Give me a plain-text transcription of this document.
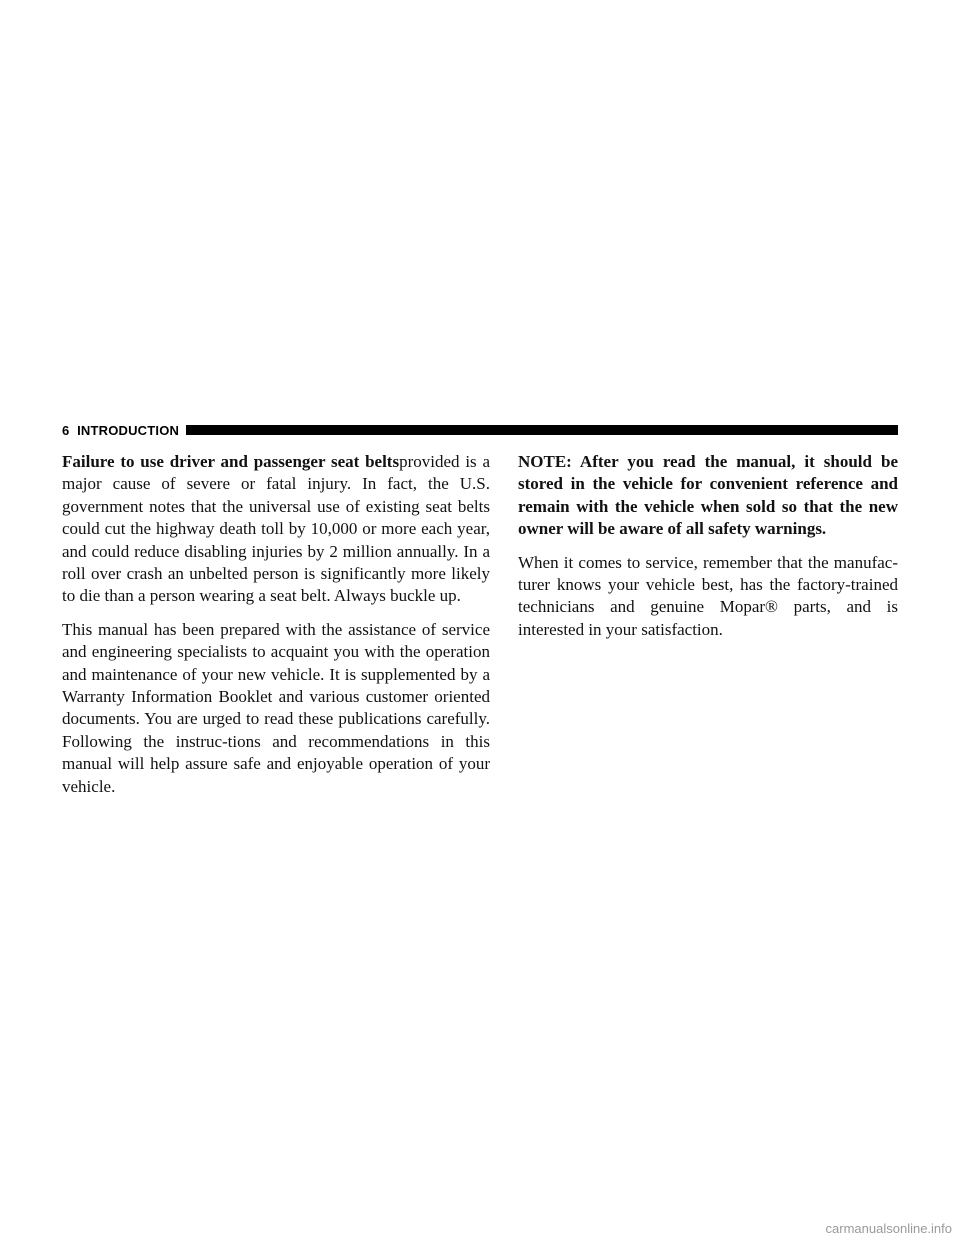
6 INTRODUCTION

Failure to use driver and passenger seat beltsprovided is a major cause of severe or fatal injury. In fact, the U.S. government notes that the universal use of existing seat belts could cut the highway death toll by 10,000 or more each year, and could reduce disabling injuries by 2 million annually. In a roll over crash an unbelted person is significantly more likely to die than a person wearing a seat belt. Always buckle up.

This manual has been prepared with the assistance of service and engineering specialists to acquaint you with the operation and maintenance of your new vehicle. It is supplemented by a Warranty Information Booklet and various customer oriented documents. You are urged to read these publications carefully. Following the instruc-tions and recommendations in this manual will help assure safe and enjoyable operation of your vehicle.

NOTE: After you read the manual, it should be stored in the vehicle for convenient reference and remain with the vehicle when sold so that the new owner will be aware of all safety warnings.

When it comes to service, remember that the manufac-turer knows your vehicle best, has the factory-trained technicians and genuine Mopar® parts, and is interested in your satisfaction.

carmanualsonline.info
